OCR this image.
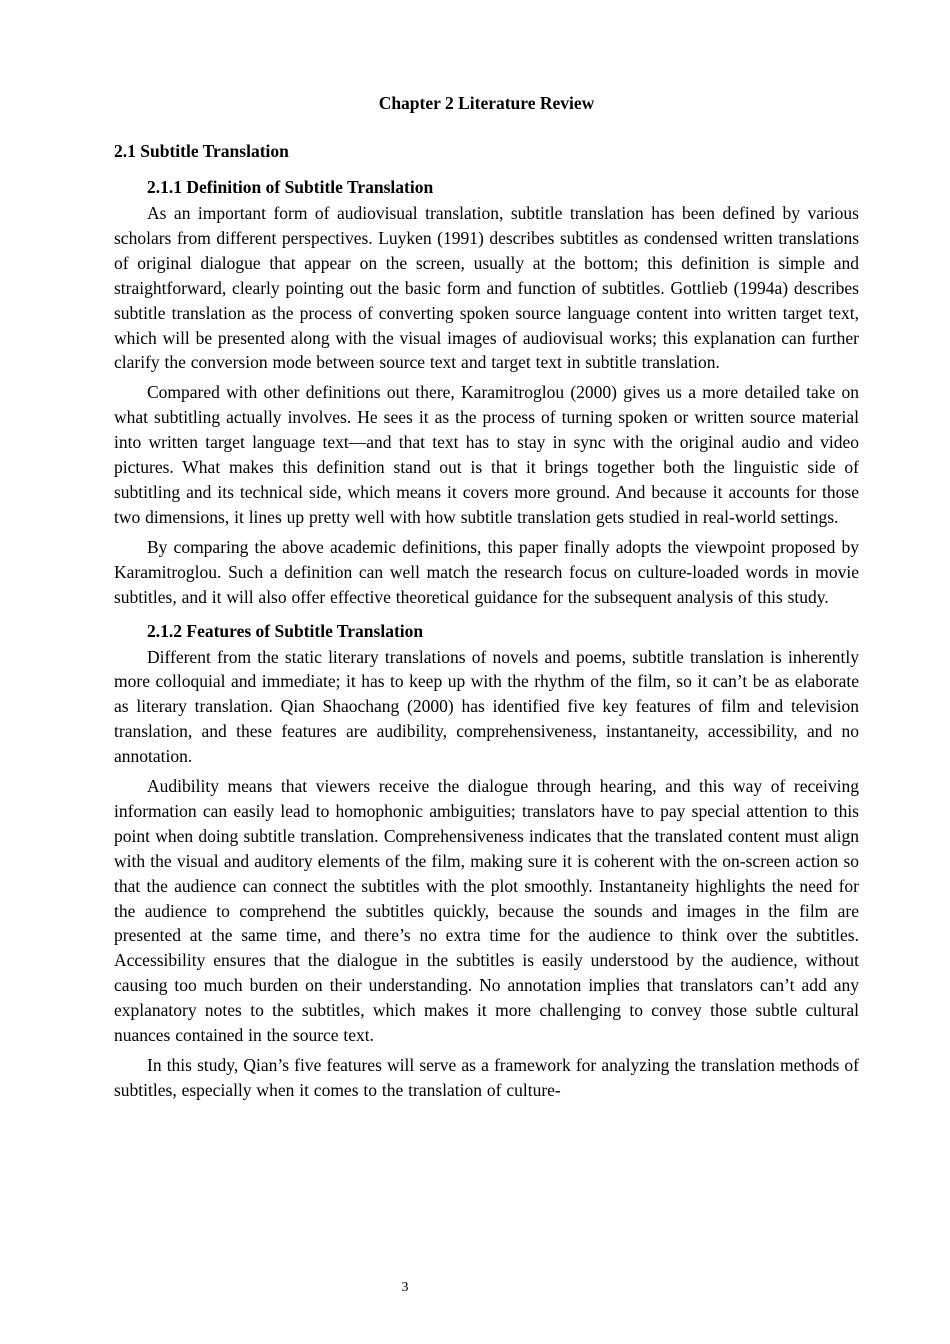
Chapter 2 Literature Review
2.1 Subtitle Translation
2.1.1 Definition of Subtitle Translation

As an important form of audiovisual translation, subtitle translation has been defined by various scholars from different perspectives. Luyken (1991) describes subtitles as condensed written translations of original dialogue that appear on the screen, usually at the bottom; this definition is simple and straightforward, clearly pointing out the basic form and function of subtitles. Gottlieb (1994a) describes subtitle translation as the process of converting spoken source language content into written target text, which will be presented along with the visual images of audiovisual works; this explanation can further clarify the conversion mode between source text and target text in subtitle translation.

Compared with other definitions out there, Karamitroglou (2000) gives us a more detailed take on what subtitling actually involves. He sees it as the process of turning spoken or written source material into written target language text—and that text has to stay in sync with the original audio and video pictures. What makes this definition stand out is that it brings together both the linguistic side of subtitling and its technical side, which means it covers more ground. And because it accounts for those two dimensions, it lines up pretty well with how subtitle translation gets studied in real-world settings.

By comparing the above academic definitions, this paper finally adopts the viewpoint proposed by Karamitroglou. Such a definition can well match the research focus on culture-loaded words in movie subtitles, and it will also offer effective theoretical guidance for the subsequent analysis of this study.

2.1.2 Features of Subtitle Translation

Different from the static literary translations of novels and poems, subtitle translation is inherently more colloquial and immediate; it has to keep up with the rhythm of the film, so it can’t be as elaborate as literary translation. Qian Shaochang (2000) has identified five key features of film and television translation, and these features are audibility, comprehensiveness, instantaneity, accessibility, and no annotation.

Audibility means that viewers receive the dialogue through hearing, and this way of receiving information can easily lead to homophonic ambiguities; translators have to pay special attention to this point when doing subtitle translation. Comprehensiveness indicates that the translated content must align with the visual and auditory elements of the film, making sure it is coherent with the on-screen action so that the audience can connect the subtitles with the plot smoothly. Instantaneity highlights the need for the audience to comprehend the subtitles quickly, because the sounds and images in the film are presented at the same time, and there’s no extra time for the audience to think over the subtitles. Accessibility ensures that the dialogue in the subtitles is easily understood by the audience, without causing too much burden on their understanding. No annotation implies that translators can’t add any explanatory notes to the subtitles, which makes it more challenging to convey those subtle cultural nuances contained in the source text.

In this study, Qian’s five features will serve as a framework for analyzing the translation methods of subtitles, especially when it comes to the translation of culture-

3
